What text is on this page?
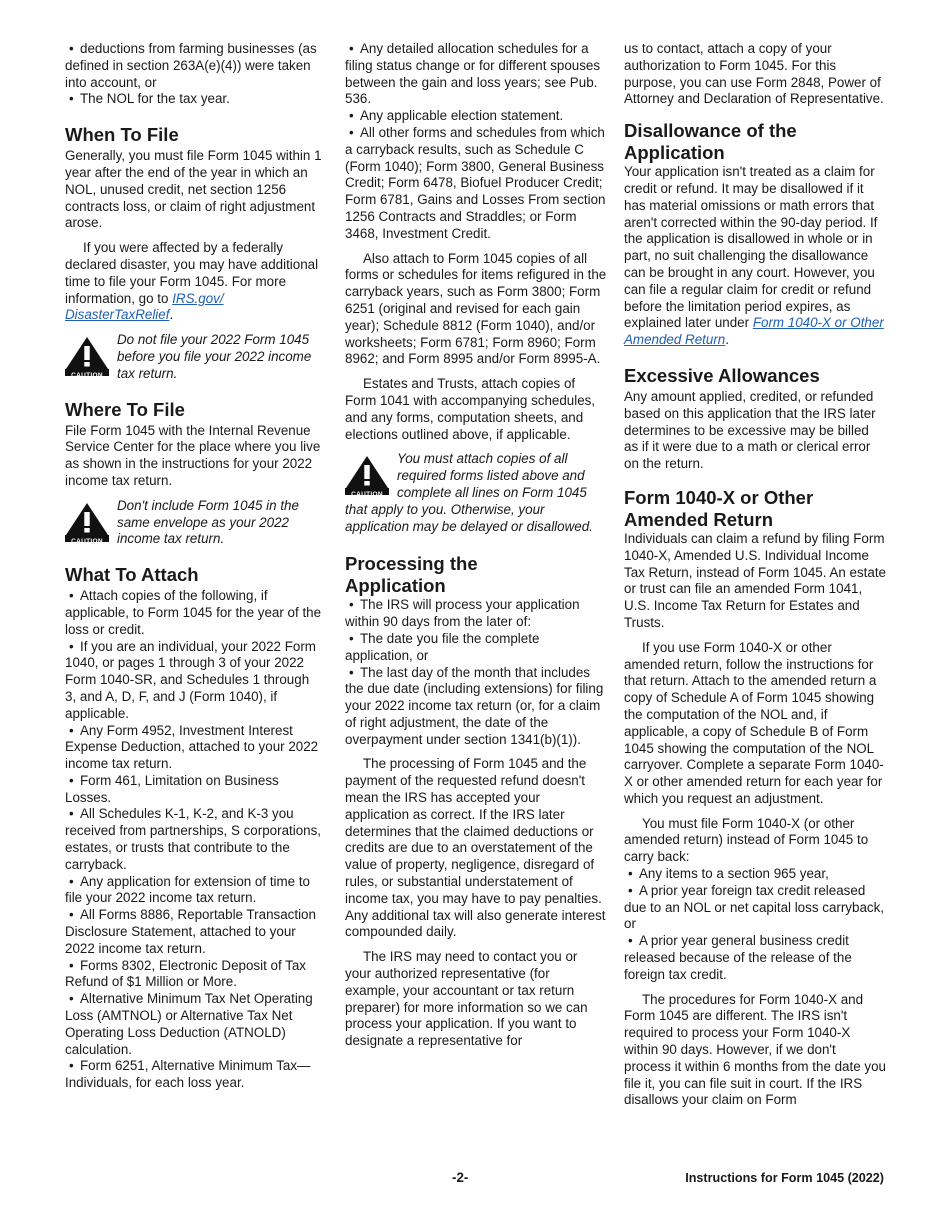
• deductions from farming businesses (as defined in section 263A(e)(4)) were taken into account, or

• The NOL for the tax year.

When To File

Generally, you must file Form 1045 within 1 year after the end of the year in which an NOL, unused credit, net section 1256 contracts loss, or claim of right adjustment arose.

If you were affected by a federally declared disaster, you may have additional time to file your Form 1045. For more information, go to IRS.gov/ DisasterTaxRelief.

CAUTION
Do not file your 2022 Form 1045 before you file your 2022 income tax return.
Where To File

File Form 1045 with the Internal Revenue Service Center for the place where you live as shown in the instructions for your 2022 income tax return.

CAUTION
Don't include Form 1045 in the same envelope as your 2022 income tax return.
What To Attach

• Attach copies of the following, if applicable, to Form 1045 for the year of the loss or credit.

• If you are an individual, your 2022 Form 1040, or pages 1 through 3 of your 2022 Form 1040-SR, and Schedules 1 through 3, and A, D, F, and J (Form 1040), if applicable.

• Any Form 4952, Investment Interest Expense Deduction, attached to your 2022 income tax return.

• Form 461, Limitation on Business Losses.

• All Schedules K-1, K-2, and K-3 you received from partnerships, S corporations, estates, or trusts that contribute to the carryback.

• Any application for extension of time to file your 2022 income tax return.

• All Forms 8886, Reportable Transaction Disclosure Statement, attached to your 2022 income tax return.

• Forms 8302, Electronic Deposit of Tax Refund of $1 Million or More.

• Alternative Minimum Tax Net Operating Loss (AMTNOL) or Alternative Tax Net Operating Loss Deduction (ATNOLD) calculation.

• Form 6251, Alternative Minimum Tax—Individuals, for each loss year.

• Any detailed allocation schedules for a filing status change or for different spouses between the gain and loss years; see Pub. 536.

• Any applicable election statement.

• All other forms and schedules from which a carryback results, such as Schedule C (Form 1040); Form 3800, General Business Credit; Form 6478, Biofuel Producer Credit; Form 6781, Gains and Losses From section 1256 Contracts and Straddles; or Form 3468, Investment Credit.

Also attach to Form 1045 copies of all forms or schedules for items refigured in the carryback years, such as Form 3800; Form 6251 (original and revised for each gain year); Schedule 8812 (Form 1040), and/or worksheets; Form 6781; Form 8960; Form 8962; and Form 8995 and/or Form 8995-A.

Estates and Trusts, attach copies of Form 1041 with accompanying schedules, and any forms, computation sheets, and elections outlined above, if applicable.

CAUTION
You must attach copies of all required forms listed above and complete all lines on Form 1045 that apply to you. Otherwise, your application may be delayed or disallowed.
Processing the
Application

• The IRS will process your application within 90 days from the later of:

• The date you file the complete application, or

• The last day of the month that includes the due date (including extensions) for filing your 2022 income tax return (or, for a claim of right adjustment, the date of the overpayment under section 1341(b)(1)).

The processing of Form 1045 and the payment of the requested refund doesn't mean the IRS has accepted your application as correct. If the IRS later determines that the claimed deductions or credits are due to an overstatement of the value of property, negligence, disregard of rules, or substantial understatement of income tax, you may have to pay penalties. Any additional tax will also generate interest compounded daily.

The IRS may need to contact you or your authorized representative (for example, your accountant or tax return preparer) for more information so we can process your application. If you want to designate a representative for

us to contact, attach a copy of your authorization to Form 1045. For this purpose, you can use Form 2848, Power of Attorney and Declaration of Representative.

Disallowance of the
Application

Your application isn't treated as a claim for credit or refund. It may be disallowed if it has material omissions or math errors that aren't corrected within the 90-day period. If the application is disallowed in whole or in part, no suit challenging the disallowance can be brought in any court. However, you can file a regular claim for credit or refund before the limitation period expires, as explained later under Form 1040-X or Other Amended Return.

Excessive Allowances

Any amount applied, credited, or refunded based on this application that the IRS later determines to be excessive may be billed as if it were due to a math or clerical error on the return.

Form 1040-X or Other
Amended Return

Individuals can claim a refund by filing Form 1040-X, Amended U.S. Individual Income Tax Return, instead of Form 1045. An estate or trust can file an amended Form 1041, U.S. Income Tax Return for Estates and Trusts.

If you use Form 1040-X or other amended return, follow the instructions for that return. Attach to the amended return a copy of Schedule A of Form 1045 showing the computation of the NOL and, if applicable, a copy of Schedule B of Form 1045 showing the computation of the NOL carryover. Complete a separate Form 1040-X or other amended return for each year for which you request an adjustment.

You must file Form 1040-X (or other amended return) instead of Form 1045 to carry back:

• Any items to a section 965 year,

• A prior year foreign tax credit released due to an NOL or net capital loss carryback, or

• A prior year general business credit released because of the release of the foreign tax credit.

The procedures for Form 1040-X and Form 1045 are different. The IRS isn't required to process your Form 1040-X within 90 days. However, if we don't process it within 6 months from the date you file it, you can file suit in court. If the IRS disallows your claim on Form

-2-	Instructions for Form 1045 (2022)
